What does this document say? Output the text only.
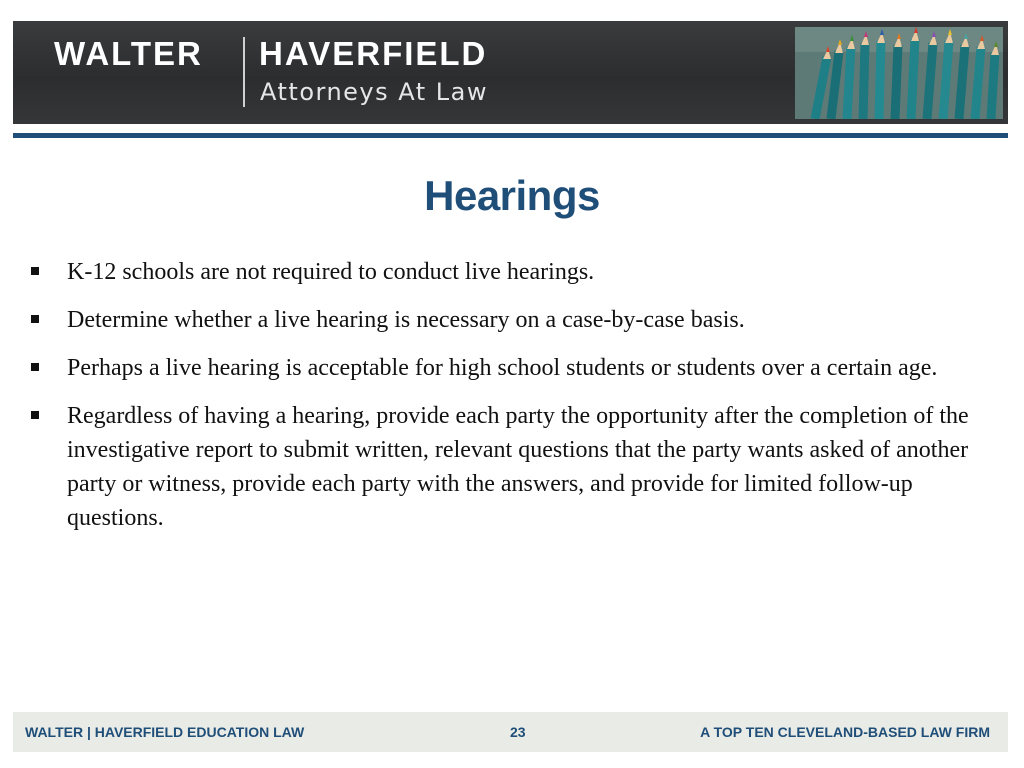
WALTER HAVERFIELD
Attorneys At Law
Hearings
K-12 schools are not required to conduct live hearings.
Determine whether a live hearing is necessary on a case-by-case basis.
Perhaps a live hearing is acceptable for high school students or students over a certain age.
Regardless of having a hearing, provide each party the opportunity after the completion of the investigative report to submit written, relevant questions that the party wants asked of another party or witness, provide each party with the answers, and provide for limited follow-up questions.
WALTER | HAVERFIELD EDUCATION LAW	23	A TOP TEN CLEVELAND-BASED LAW FIRM
